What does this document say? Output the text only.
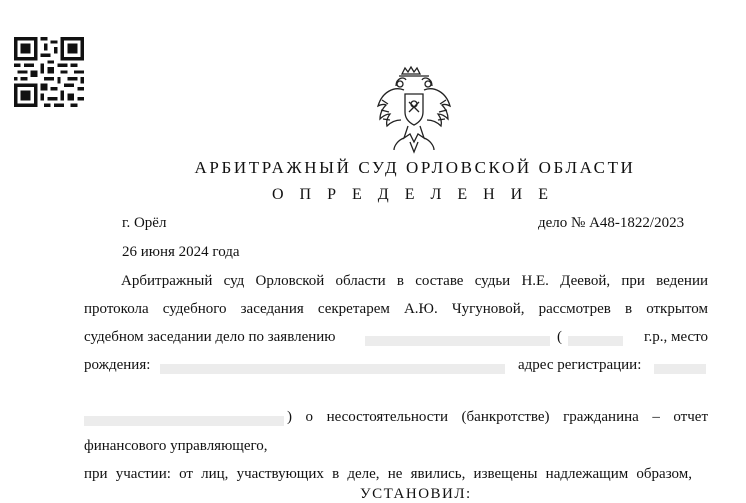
АРБИТРАЖНЫЙ СУД ОРЛОВСКОЙ ОБЛАСТИ
О П Р Е Д Е Л Е Н И Е
г. Орёл	дело № А48-1822/2023
26 июня 2024 года
Арбитражный суд Орловской области в составе судьи Н.Е. Деевой, при ведении
протокола судебного заседания секретарем А.Ю. Чугуновой, рассмотрев в открытом
судебном заседании дело по заявлению	(	г.р., место
рождения:	адрес регистрации:
) о несостоятельности (банкротстве) гражданина – отчет
финансового управляющего,
при участии: от лиц, участвующих в деле, не явились, извещены надлежащим образом,
УСТАНОВИЛ:
